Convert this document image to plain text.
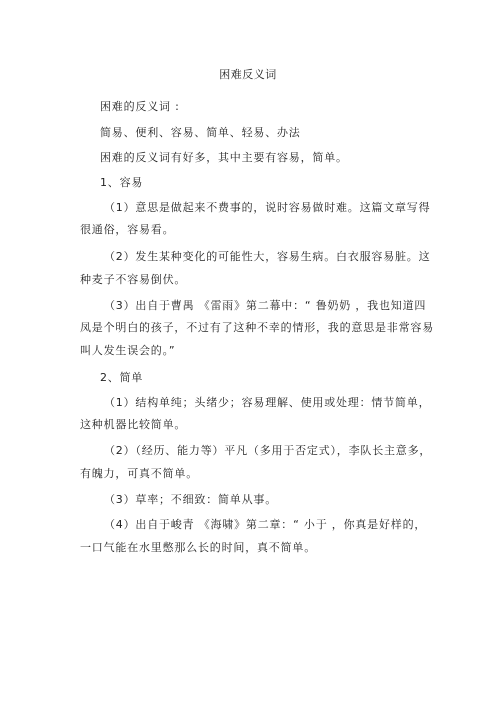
困难反义词
困难的反义词 :
简易、便利、容易、简单、轻易、办法
困难的反义词有好多，其中主要有容易，简单。
1、容易
（1）意思是做起来不费事的，说时容易做时难。这篇文章写得
很通俗，容易看。
（2）发生某种变化的可能性大，容易生病。白衣服容易脏。这
种麦子不容易倒伏。
（3）出自于曹禺 《雷雨》第二幕中：“ 鲁奶奶 ，我也知道四
凤是个明白的孩子，不过有了这种不幸的情形，我的意思是非常容易
叫人发生误会的。”
2、简单
（1）结构单纯；头绪少；容易理解、使用或处理：情节简单，
这种机器比较简单。
（2）（经历、能力等）平凡（多用于否定式），李队长主意多，
有魄力，可真不简单。
（3）草率；不细致：简单从事。
（4）出自于峻青 《海啸》第二章：“ 小于 ，你真是好样的，
一口气能在水里憋那么长的时间，真不简单。
